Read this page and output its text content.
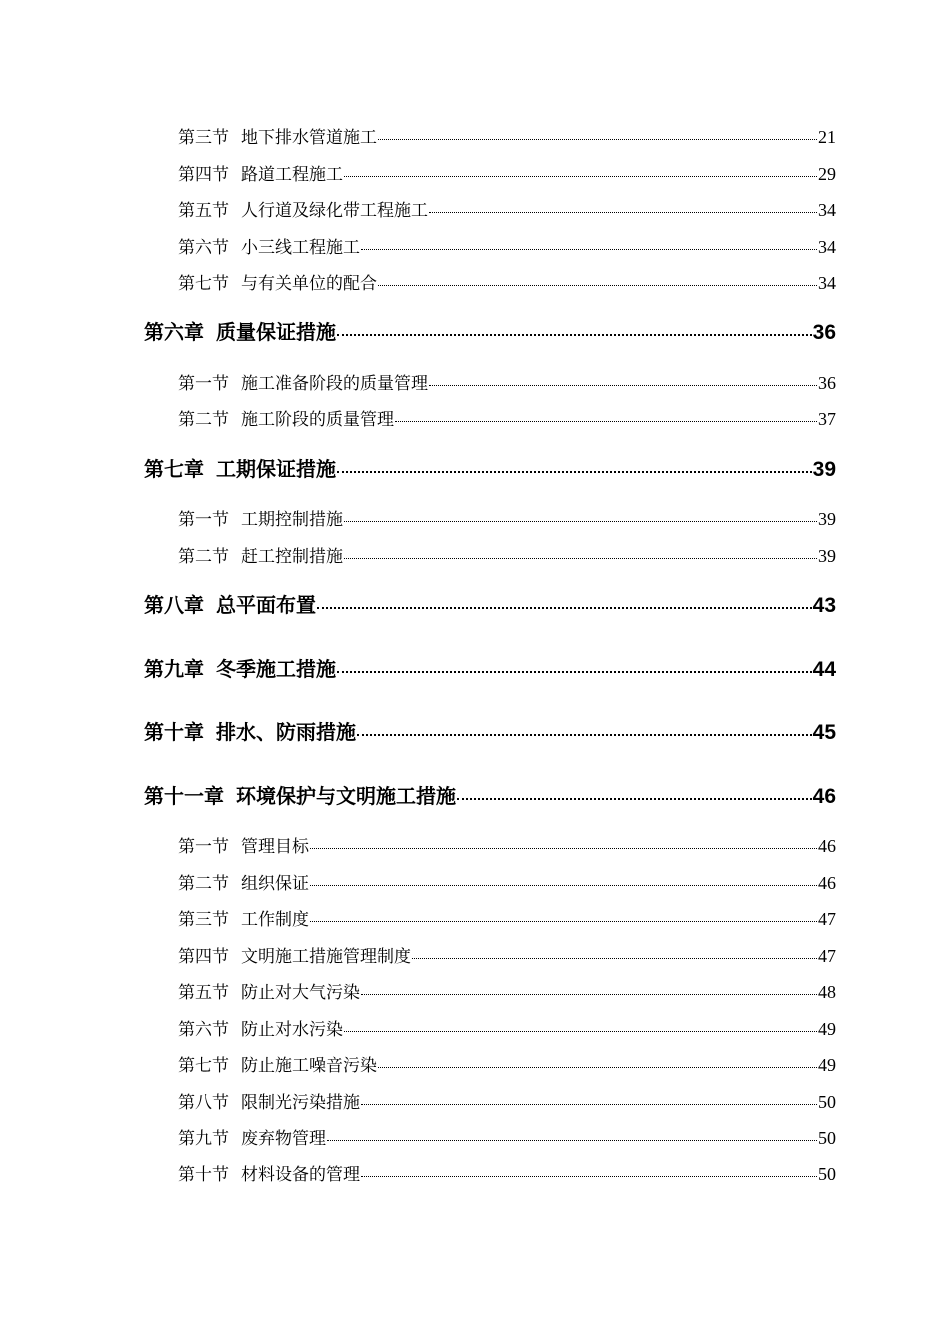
第三节 地下排水管道施工	21
第四节 路道工程施工	29
第五节 人行道及绿化带工程施工	34
第六节 小三线工程施工	34
第七节 与有关单位的配合	34
第六章 质量保证措施	36
第一节 施工准备阶段的质量管理	36
第二节 施工阶段的质量管理	37
第七章 工期保证措施	39
第一节 工期控制措施	39
第二节 赶工控制措施	39
第八章 总平面布置	43
第九章 冬季施工措施	44
第十章 排水、防雨措施	45
第十一章 环境保护与文明施工措施	46
第一节 管理目标	46
第二节 组织保证	46
第三节 工作制度	47
第四节 文明施工措施管理制度	47
第五节 防止对大气污染	48
第六节 防止对水污染	49
第七节 防止施工噪音污染	49
第八节 限制光污染措施	50
第九节 废弃物管理	50
第十节 材料设备的管理	50
